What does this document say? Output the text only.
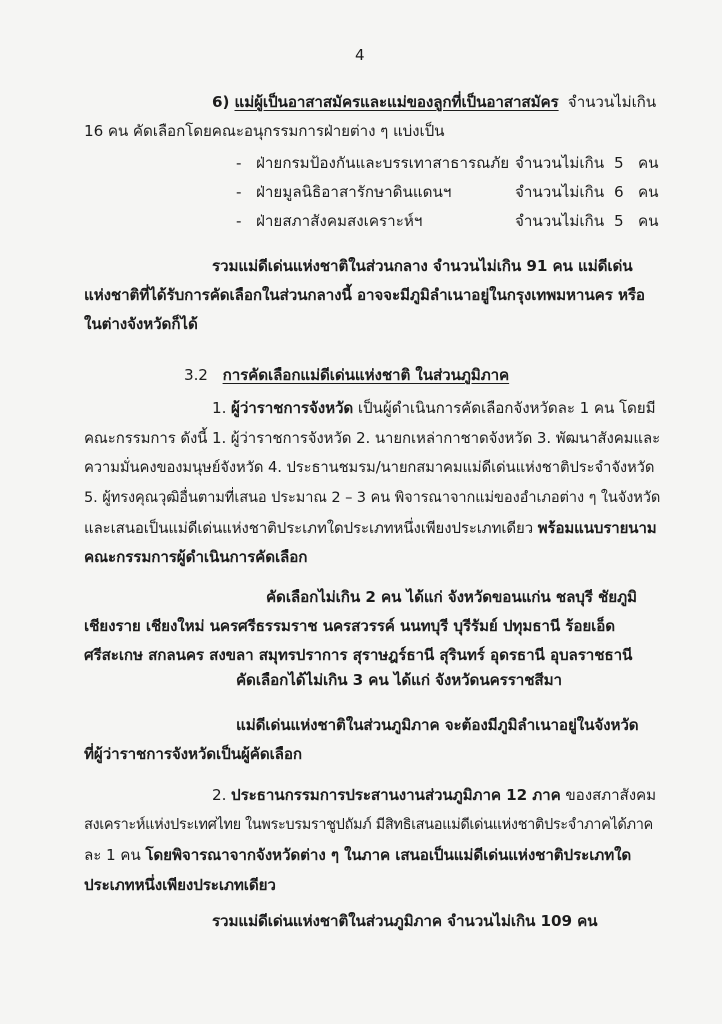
4
6) แม่ผู้เป็นอาสาสมัครและแม่ของลูกที่เป็นอาสาสมัคร จำนวนไม่เกิน
16 คน คัดเลือกโดยคณะอนุกรรมการฝ่ายต่าง ๆ แบ่งเป็น
- ฝ่ายกรมป้องกันและบรรเทาสาธารณภัย จำนวนไม่เกิน 5 คน
- ฝ่ายมูลนิธิอาสารักษาดินแดนฯ	จำนวนไม่เกิน 6 คน
- ฝ่ายสภาสังคมสงเคราะห์ฯ	จำนวนไม่เกิน 5 คน
รวมแม่ดีเด่นแห่งชาติในส่วนกลาง จำนวนไม่เกิน 91 คน แม่ดีเด่น
แห่งชาติที่ได้รับการคัดเลือกในส่วนกลางนี้ อาจจะมีภูมิลำเนาอยู่ในกรุงเทพมหานคร หรือ
ในต่างจังหวัดก็ได้
3.2 การคัดเลือกแม่ดีเด่นแห่งชาติ ในส่วนภูมิภาค
1. ผู้ว่าราชการจังหวัด เป็นผู้ดำเนินการคัดเลือกจังหวัดละ 1 คน โดยมี
คณะกรรมการ ดังนี้ 1. ผู้ว่าราชการจังหวัด 2. นายกเหล่ากาชาดจังหวัด 3. พัฒนาสังคมและ
ความมั่นคงของมนุษย์จังหวัด 4. ประธานชมรม/นายกสมาคมแม่ดีเด่นแห่งชาติประจำจังหวัด
5. ผู้ทรงคุณวุฒิอื่นตามที่เสนอ ประมาณ 2 – 3 คน พิจารณาจากแม่ของอำเภอต่าง ๆ ในจังหวัด
และเสนอเป็นแม่ดีเด่นแห่งชาติประเภทใดประเภทหนึ่งเพียงประเภทเดียว พร้อมแนบรายนาม
คณะกรรมการผู้ดำเนินการคัดเลือก
คัดเลือกไม่เกิน 2 คน ได้แก่ จังหวัดขอนแก่น ชลบุรี ชัยภูมิ
เชียงราย เชียงใหม่ นครศรีธรรมราช นครสวรรค์ นนทบุรี บุรีรัมย์ ปทุมธานี ร้อยเอ็ด
ศรีสะเกษ สกลนคร สงขลา สมุทรปราการ สุราษฎร์ธานี สุรินทร์ อุดรธานี อุบลราชธานี
คัดเลือกได้ไม่เกิน 3 คน ได้แก่ จังหวัดนครราชสีมา
แม่ดีเด่นแห่งชาติในส่วนภูมิภาค จะต้องมีภูมิลำเนาอยู่ในจังหวัด
ที่ผู้ว่าราชการจังหวัดเป็นผู้คัดเลือก
2. ประธานกรรมการประสานงานส่วนภูมิภาค 12 ภาค ของสภาสังคม
สงเคราะห์แห่งประเทศไทย ในพระบรมราชูปถัมภ์ มีสิทธิเสนอแม่ดีเด่นแห่งชาติประจำภาคได้ภาค
ละ 1 คน โดยพิจารณาจากจังหวัดต่าง ๆ ในภาค เสนอเป็นแม่ดีเด่นแห่งชาติประเภทใด
ประเภทหนึ่งเพียงประเภทเดียว
รวมแม่ดีเด่นแห่งชาติในส่วนภูมิภาค จำนวนไม่เกิน 109 คน
